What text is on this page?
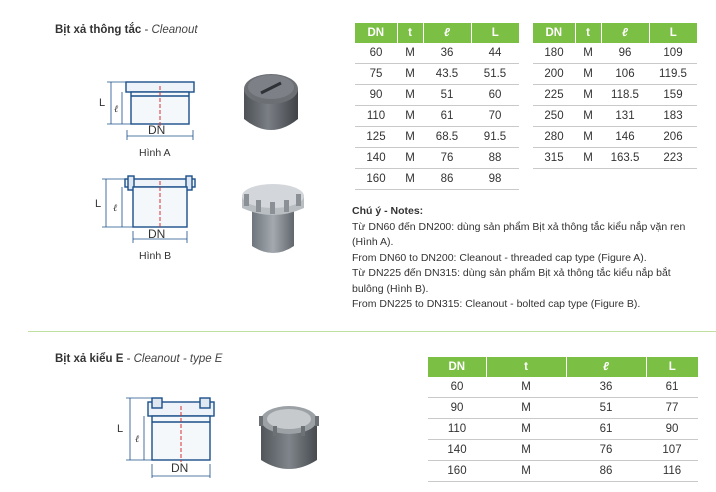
Bịt xả thông tắc - Cleanout
L
ℓ
DN
Hình A
L ℓ
DN
Hình B
DN	t	ℓ	L
60	M	36	44
75	M	43.5	51.5
90	M	51	60
110	M	61	70
125	M	68.5	91.5
140	M	76	88
160	M	86	98
DN	t	ℓ	L
180	M	96	109
200	M	106	119.5
225	M	118.5	159
250	M	131	183
280	M	146	206
315	M	163.5	223

Chú ý - Notes:

Từ DN60 đến DN200: dùng sản phẩm Bịt xả thông tắc kiểu nắp vặn ren (Hình A).

From DN60 to DN200: Cleanout - threaded cap type (Figure A).

Từ DN225 đến DN315: dùng sản phẩm Bịt xả thông tắc kiểu nắp bắt bulông (Hình B).

From DN225 to DN315: Cleanout - bolted cap type (Figure B).

Bịt xả kiểu E - Cleanout - type E
L
ℓ
DN
DN	t	ℓ	L
60	M	36	61
90	M	51	77
110	M	61	90
140	M	76	107
160	M	86	116
